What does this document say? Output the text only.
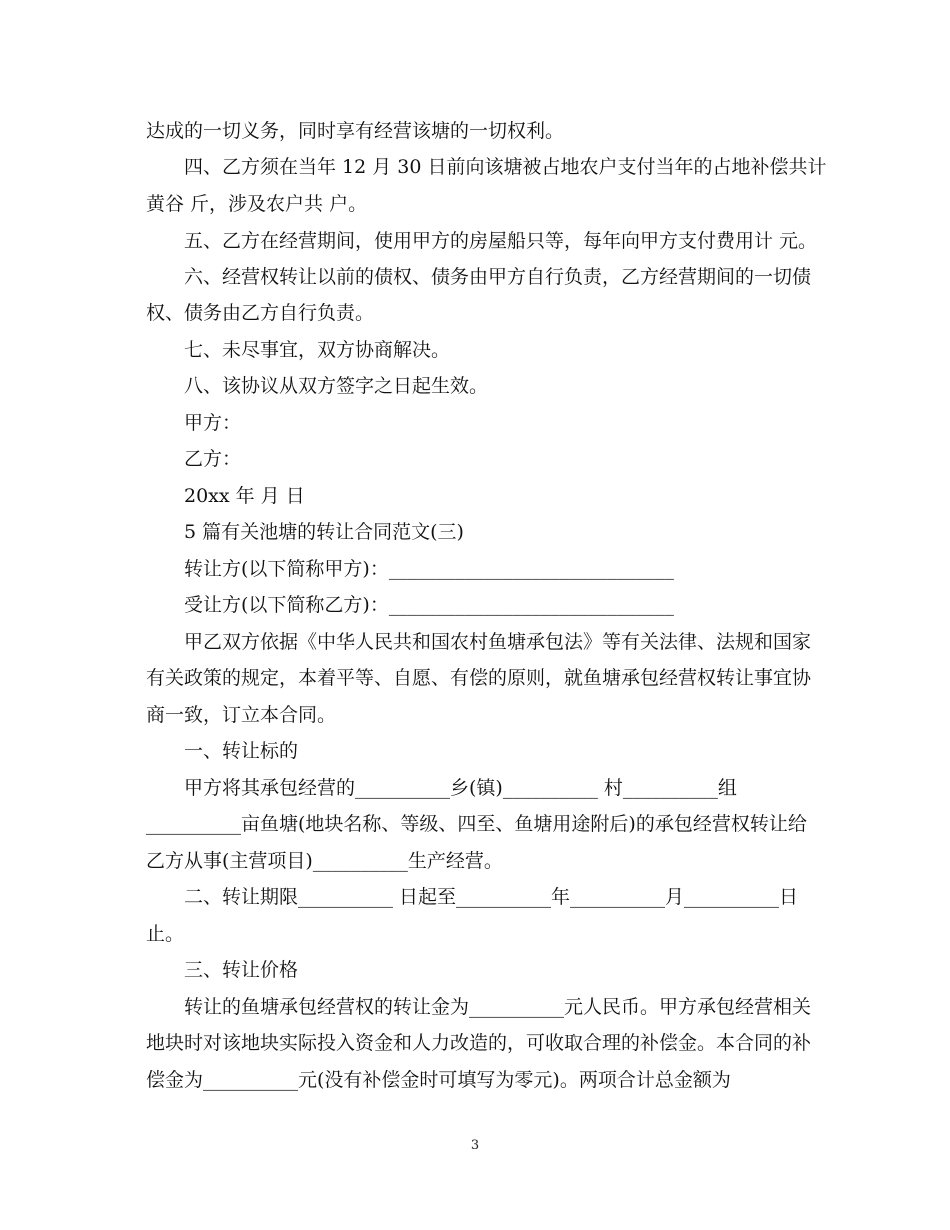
达成的一切义务，同时享有经营该塘的一切权利。
四、乙方须在当年 12 月 30 日前向该塘被占地农户支付当年的占地补偿共计
黄谷 斤，涉及农户共 户。
五、乙方在经营期间，使用甲方的房屋船只等，每年向甲方支付费用计 元。
六、经营权转让以前的债权、债务由甲方自行负责，乙方经营期间的一切债
权、债务由乙方自行负责。
七、未尽事宜，双方协商解决。
八、该协议从双方签字之日起生效。
甲方：
乙方：
20xx 年 月 日
5 篇有关池塘的转让合同范文(三)
转让方(以下简称甲方)：______________________________
受让方(以下简称乙方)：______________________________
甲乙双方依据《中华人民共和国农村鱼塘承包法》等有关法律、法规和国家
有关政策的规定，本着平等、自愿、有偿的原则，就鱼塘承包经营权转让事宜协
商一致，订立本合同。
一、转让标的
甲方将其承包经营的__________乡(镇)__________ 村__________组
__________亩鱼塘(地块名称、等级、四至、鱼塘用途附后)的承包经营权转让给
乙方从事(主营项目)__________生产经营。
二、转让期限__________ 日起至__________年__________月__________日
止。
三、转让价格
转让的鱼塘承包经营权的转让金为__________元人民币。甲方承包经营相关
地块时对该地块实际投入资金和人力改造的，可收取合理的补偿金。本合同的补
偿金为__________元(没有补偿金时可填写为零元)。两项合计总金额为
3
